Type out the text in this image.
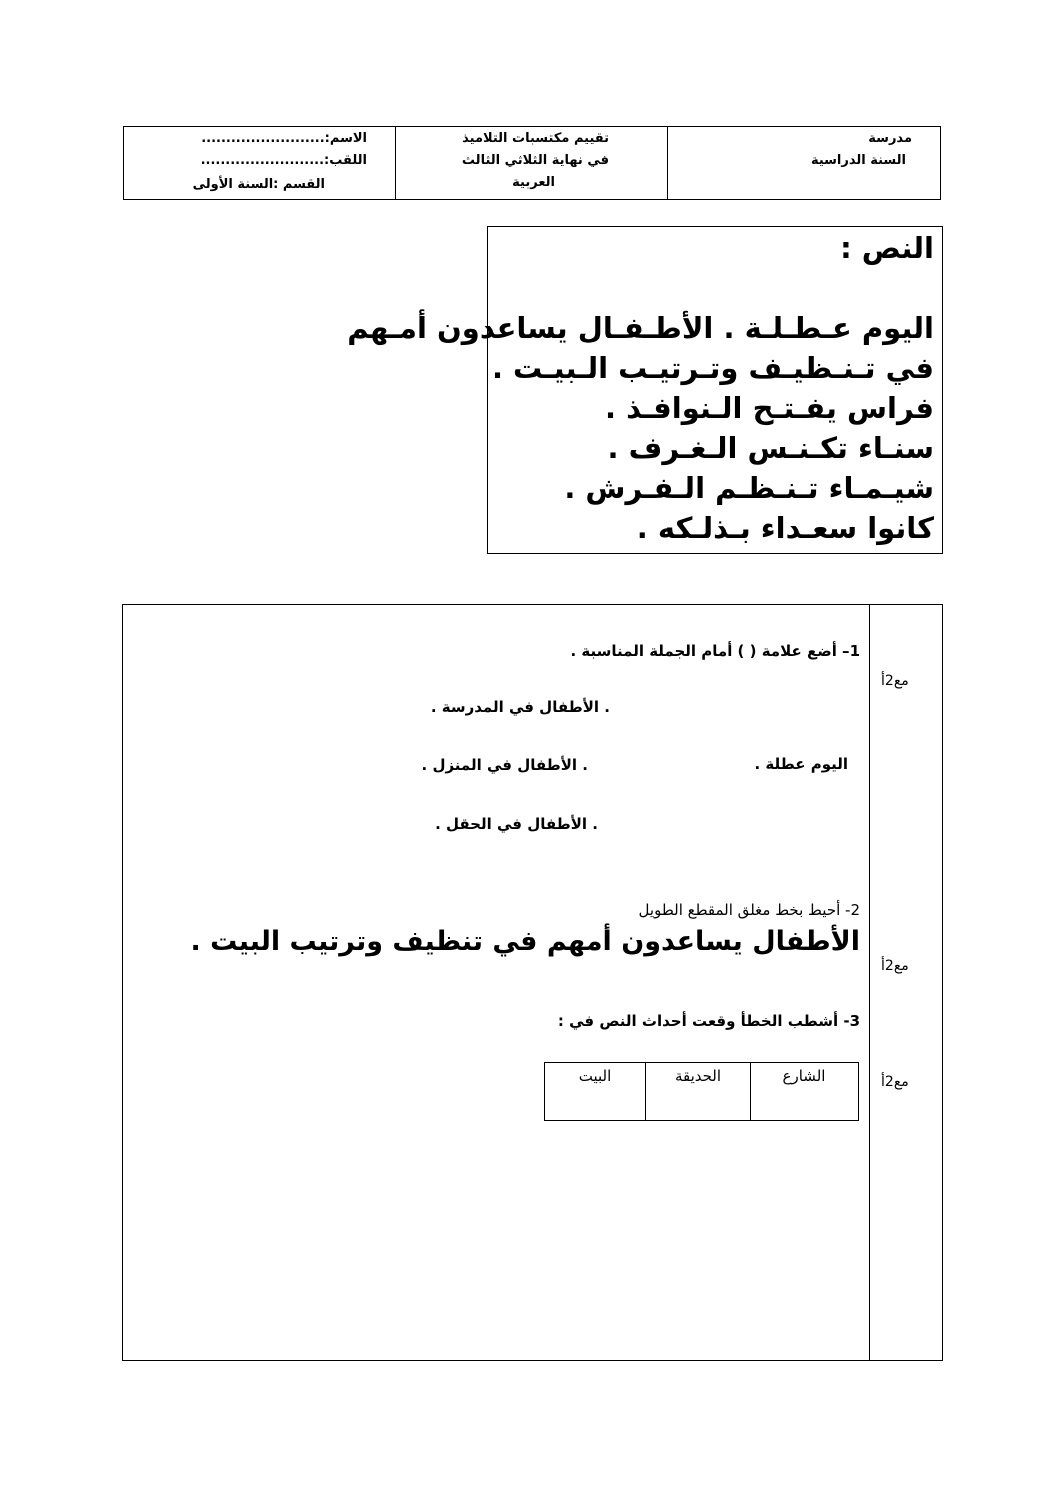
الاسم:.........................
اللقب:.........................
القسم :السنة الأولى
تقييم مكتسبات التلاميذ
في نهاية الثلاثي الثالث
العربية
مدرسة
السنة الدراسية
النص :
اليوم عـطـلـة . الأطـفـال يساعدون أمـهم
في تـنـظيـف وتـرتيـب الـبيـت .
فراس يفـتـح الـنوافـذ .
سنـاء تكـنـس الـغـرف .
شيـمـاء تـنـظـم الـفـرش .
كانوا سعـداء بـذلـكه .
مع2أ
مع2أ
مع2أ
1– أضع علامة ( ) أمام الجملة المناسبة .
اليوم عطلة .
. الأطفال في المدرسة .
. الأطفال في المنزل .
. الأطفال في الحقل .
2- أحيط بخط مغلق المقطع الطويل
الأطفال يساعدون أمهم في تنظيف وترتيب البيت .
3- أشطب الخطأ وقعت أحداث النص في :
البيت	الحديقة	الشارع
